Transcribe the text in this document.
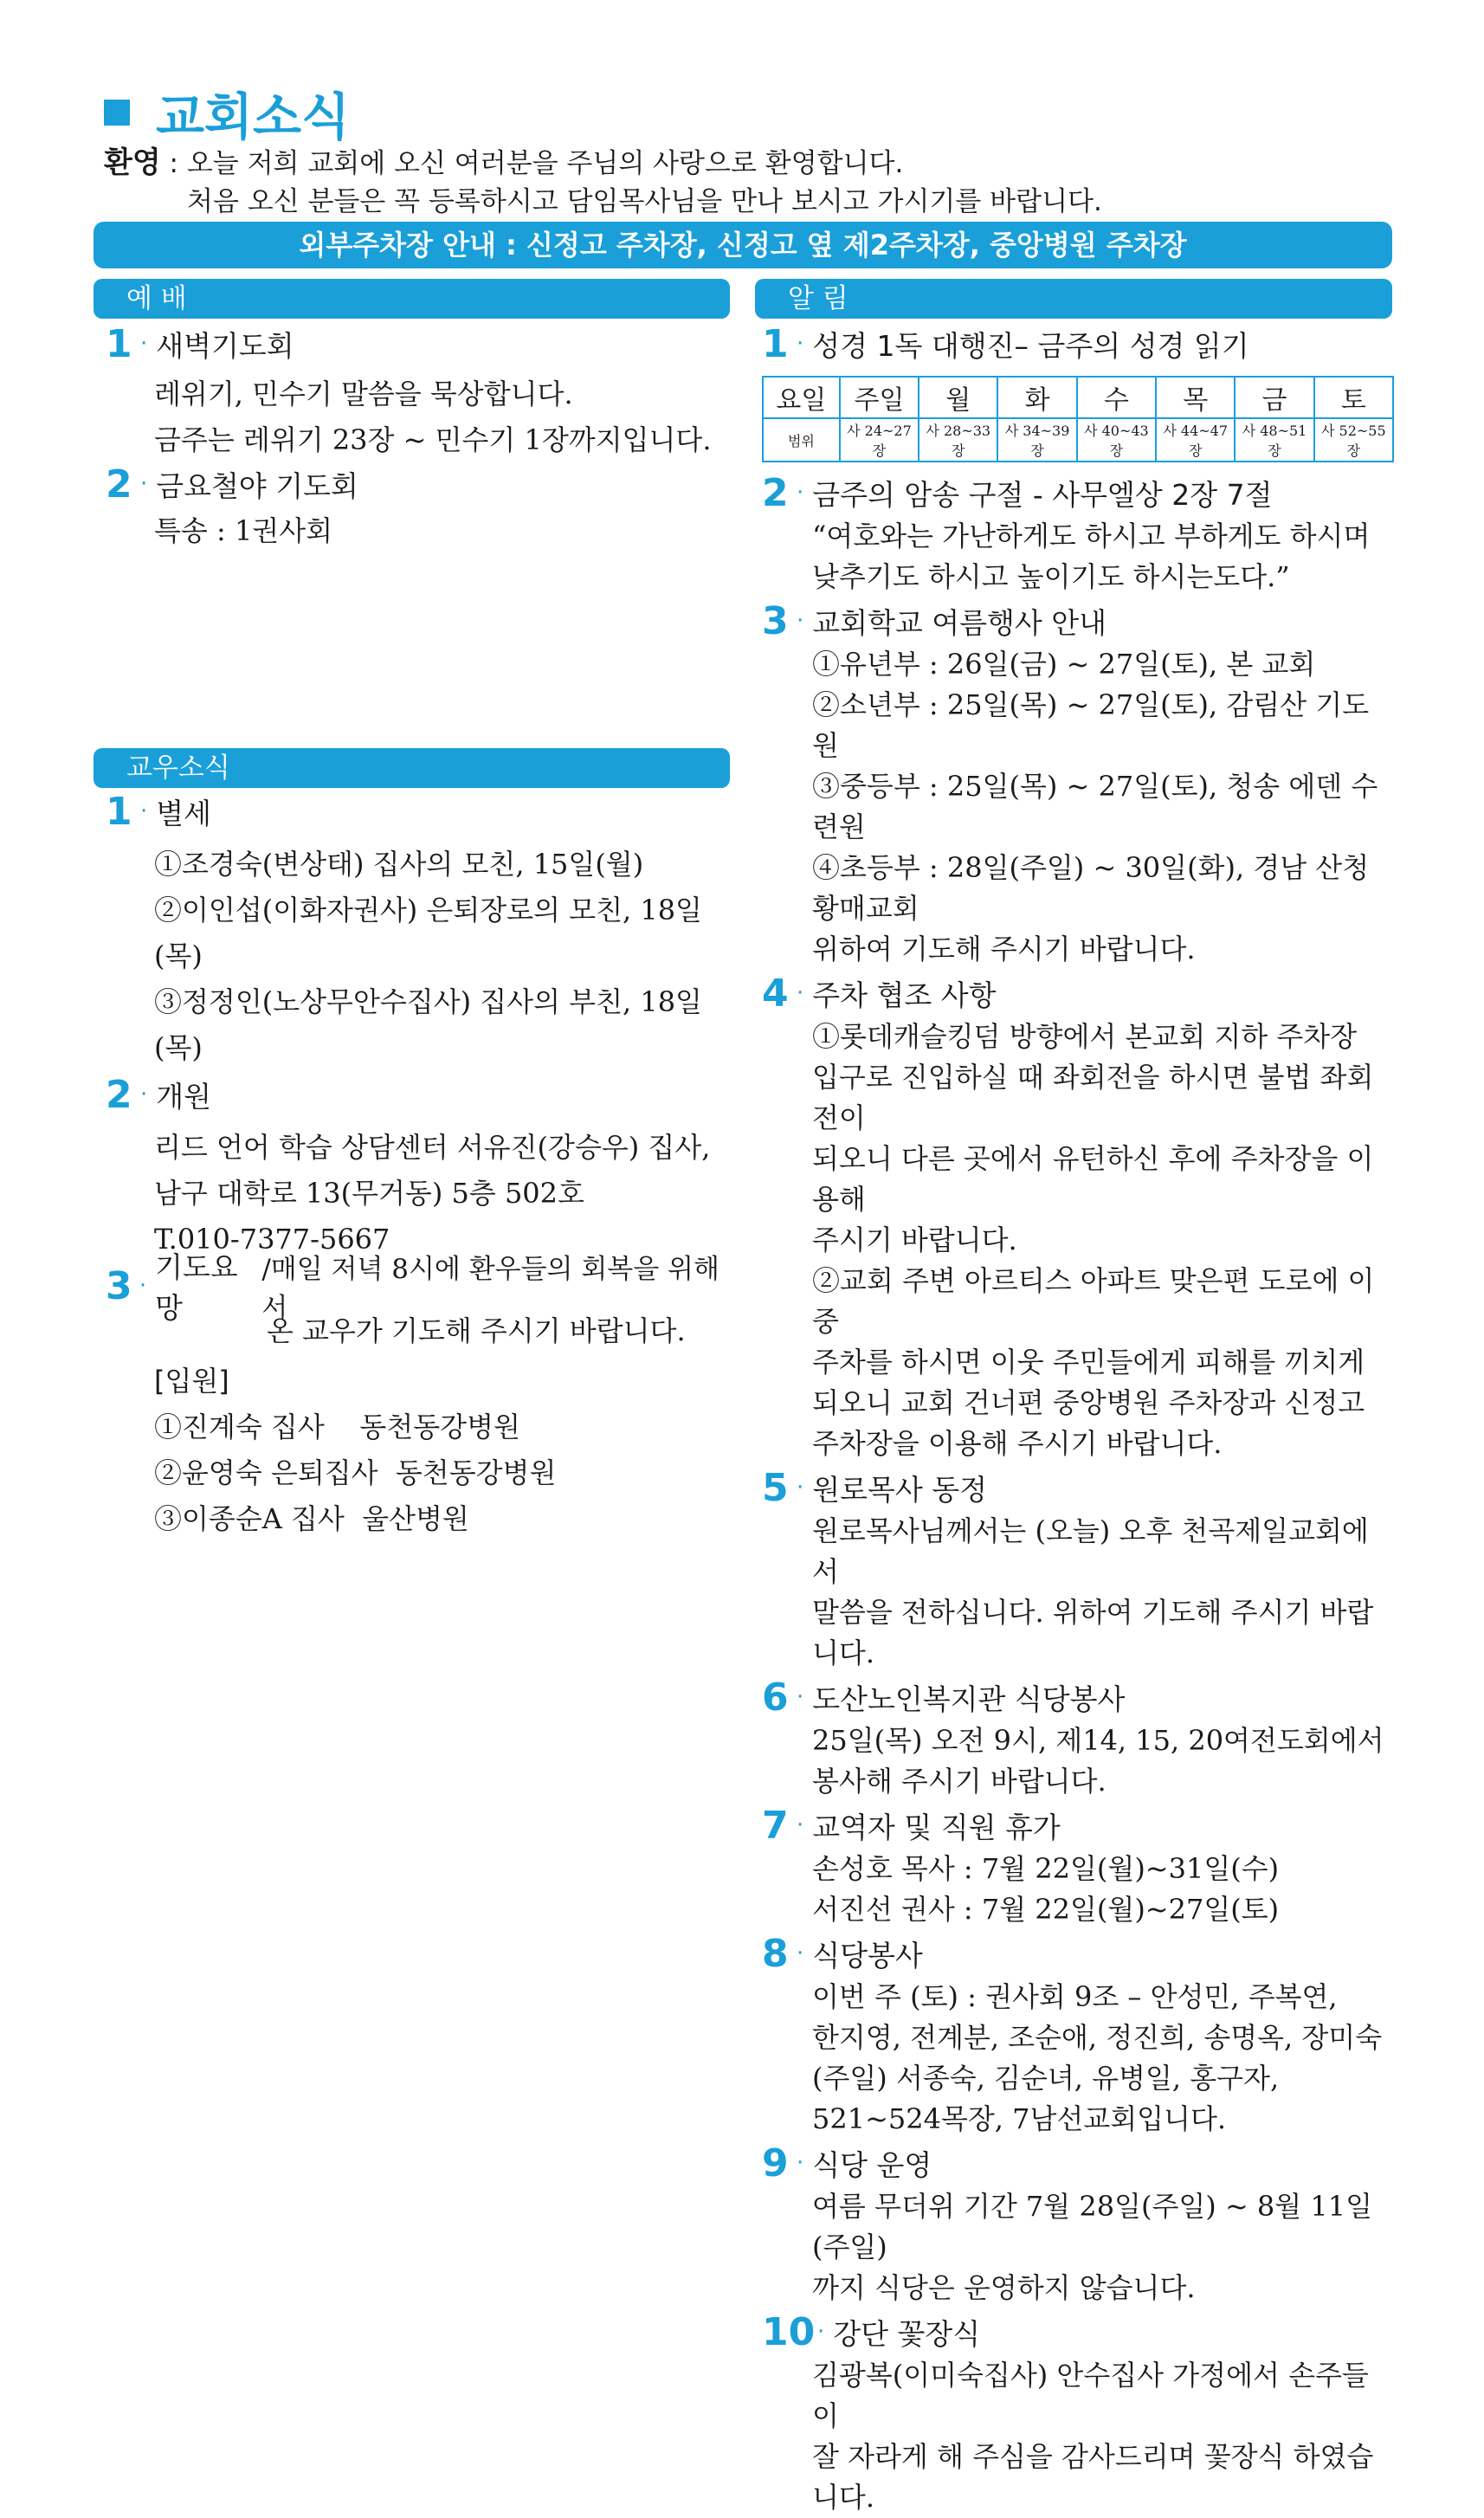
교회소식
환영 : 오늘 저희 교회에 오신 여러분을 주님의 사랑으로 환영합니다.
처음 오신 분들은 꼭 등록하시고 담임목사님을 만나 보시고 가시기를 바랍니다.
외부주차장 안내 : 신정고 주차장, 신정고 옆 제2주차장, 중앙병원 주차장
예 배	알 림
교우소식
1 · 새벽기도회
레위기, 민수기 말씀을 묵상합니다.
금주는 레위기 23장 ~ 민수기 1장까지입니다.
2 · 금요철야 기도회
특송 : 1권사회
1 · 별세
①조경숙(변상태) 집사의 모친, 15일(월)
②이인섭(이화자권사) 은퇴장로의 모친, 18일(목)
③정정인(노상무안수집사) 집사의 부친, 18일(목)
2 · 개원
리드 언어 학습 상담센터 서유진(강승우) 집사,
남구 대학로 13(무거동) 5층 502호
T.010-7377-5667
3 ·
기도요망
/매일 저녁 8시에 환우들의 회복을 위해서
온 교우가 기도해 주시기 바랍니다.
[입원]
①진계숙 집사    동천동강병원
②윤영숙 은퇴집사  동천동강병원
③이종순A 집사  울산병원
1 · 성경 1독 대행진 – 금주의 성경 읽기
요일	주일	월	화	수	목	금	토
범위	사 24~27장	사 28~33장	사 34~39장	사 40~43장	사 44~47장	사 48~51장	사 52~55장
2 · 금주의 암송 구절 - 사무엘상 2장 7절
“여호와는 가난하게도 하시고 부하게도 하시며
낮추기도 하시고 높이기도 하시는도다.”
3 · 교회학교 여름행사 안내
①유년부 : 26일(금) ~ 27일(토), 본 교회
②소년부 : 25일(목) ~ 27일(토), 감림산 기도원
③중등부 : 25일(목) ~ 27일(토), 청송 에덴 수련원
④초등부 : 28일(주일) ~ 30일(화), 경남 산청 황매교회
위하여 기도해 주시기 바랍니다.
4 · 주차 협조 사항
①롯데캐슬킹덤 방향에서 본교회 지하 주차장
입구로 진입하실 때 좌회전을 하시면 불법 좌회전이
되오니 다른 곳에서 유턴하신 후에 주차장을 이용해
주시기 바랍니다.
②교회 주변 아르티스 아파트 맞은편 도로에 이중
주차를 하시면 이웃 주민들에게 피해를 끼치게
되오니 교회 건너편 중앙병원 주차장과 신정고
주차장을 이용해 주시기 바랍니다.
5 · 원로목사 동정
원로목사님께서는 (오늘) 오후 천곡제일교회에서
말씀을 전하십니다. 위하여 기도해 주시기 바랍니다.
6 · 도산노인복지관 식당봉사
25일(목) 오전 9시, 제14, 15, 20여전도회에서
봉사해 주시기 바랍니다.
7 · 교역자 및 직원 휴가
손성호 목사 : 7월 22일(월)~31일(수)
서진선 권사 : 7월 22일(월)~27일(토)
8 · 식당봉사
이번 주 (토) : 권사회 9조 – 안성민, 주복연,
한지영, 전계분, 조순애, 정진희, 송명옥, 장미숙
(주일) 서종숙, 김순녀, 유병일, 홍구자,
521~524목장, 7남선교회입니다.
9 · 식당 운영
여름 무더위 기간 7월 28일(주일) ~ 8월 11일(주일)
까지 식당은 운영하지 않습니다.
10 · 강단 꽃장식
김광복(이미숙집사) 안수집사 가정에서 손주들이
잘 자라게 해 주심을 감사드리며 꽃장식 하였습니다.
